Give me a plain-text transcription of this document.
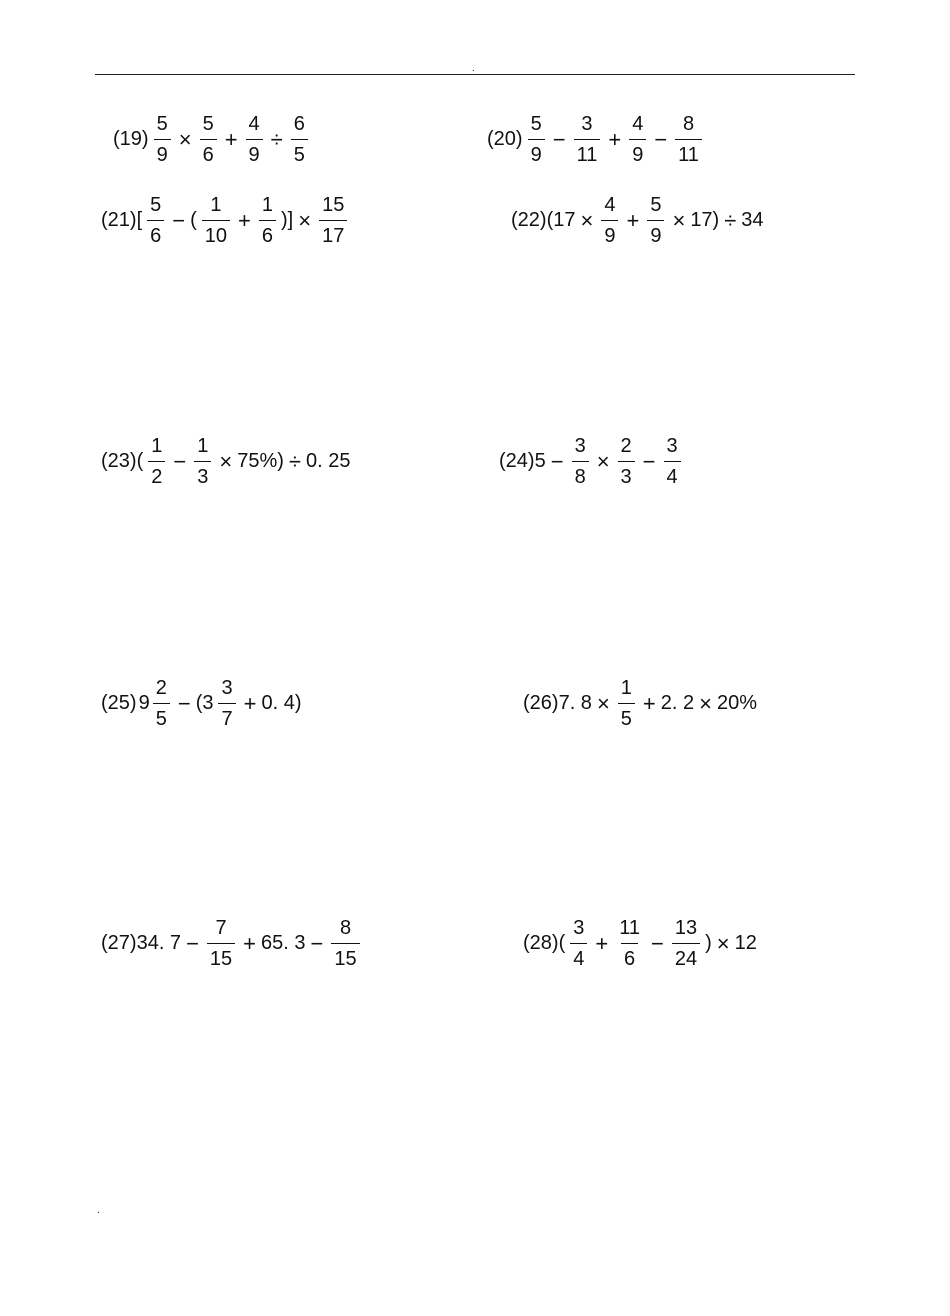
.
.
$(19) \frac{5}{9} \times \frac{5}{6} + \frac{4}{9} \div \frac{6}{5}$	$(20) \frac{5}{9} - \frac{3}{11} + \frac{4}{9} - \frac{8}{11}$
$(21)[ \frac{5}{6}$ − ( $\frac{1}{10} + \frac{1}{6}$ )] × $\frac{15}{17}$	$(22)(17 \times \frac{4}{9} + \frac{5}{9} \times 17) \div 34$
$(23)( \frac{1}{2} - \frac{1}{3} \times 75\%) \div 0$. 25	$(24)5 - \frac{3}{8} \times \frac{2}{3} - \frac{3}{4}$
(25) $9 \frac{2}{5} - (3 \frac{3}{7} + 0$. 4)	(26)7. $8 \times \frac{1}{5} + 2$. 2 × 20%
(27)34. $7 - \frac{7}{15} + 65$. $3 - \frac{8}{15}$	$(28)( \frac{3}{4} + \frac{11}{6} - \frac{13}{24}$ ) × 12
